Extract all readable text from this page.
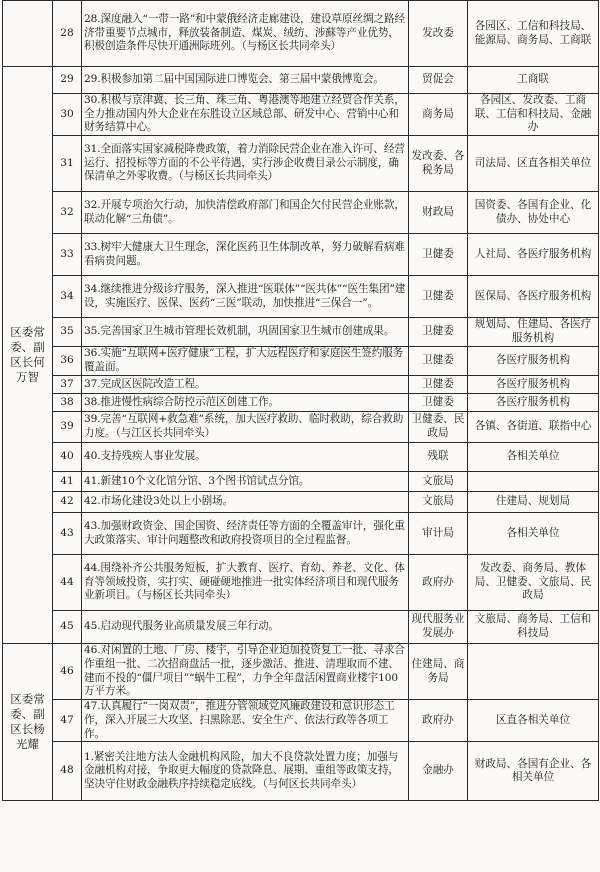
	28	28.深度融入“一带一路”和中蒙俄经济走廊建设，建设草原丝绸之路经济带重要节点城市，释放装备制造、煤炭、绒纺、涉蘇等产业优势，积极创造条件尽快开通洲际班列。（与杨区长共同牵头）	发改委	各园区、工信和科技局、能源局、商务局、工商联
区委常委、副区长何万智	29	29.积极参加第二届中国国际进口博览会、第三届中蒙俄博览会。	贸促会	工商联
	30	30.积极与京津冀、长三角、珠三角、粤港澳等地建立经贸合作关系，全力推动国内外大企业在东胜设立区域总部、研发中心、营销中心和财务结算中心。	商务局	各园区、发改委、工商联、工信和科技局、金融办
	31	31.全面落实国家减税降费政策，着力消除民营企业在准入许可、经营运行、招投标等方面的不公平待遇，实行涉企收费目录公示制度，确保清单之外零收费。（与杨区长共同牵头）	发改委、各税务局	司法局、区直各相关单位
	32	32.开展专项治欠行动，加快清偿政府部门和国企欠付民营企业账款，联动化解“三角债”。	财政局	国资委、各国有企业、化债办、协处中心
	33	33.树牢大健康大卫生理念，深化医药卫生体制改革，努力破解看病难看病贵问题。	卫健委	人社局、各医疗服务机构
	34	34.继续推进分级诊疗服务，深入推进“医联体”“医共体”“医生集团”建设，实施医疗、医保、医药“三医”联动，加快推进“三保合一”。	卫健委	医保局、各医疗服务机构
	35	35.完善国家卫生城市管理长效机制，巩固国家卫生城市创建成果。	卫健委	规划局、住建局、各医疗服务机构
	36	36.实施“互联网+医疗健康”工程，扩大远程医疗和家庭医生签约服务覆盖面。	卫健委	各医疗服务机构
	37	37.完成区医院改造工程。	卫健委	各医疗服务机构
	38	38.推进慢性病综合防控示范区创建工作。	卫健委	各医疗服务机构
	39	39.完善“互联网+救急难”系统，加大医疗救助、临时救助，综合救助力度。（与江区长共同牵头）	卫健委、民政局	各镇、各街道、联指中心
	40	40.支持残疾人事业发展。	残联	各相关单位
	41	41.新建10个文化馆分馆、3个图书馆试点分馆。	文旅局	
	42	42.市场化建设3处以上小剧场。	文旅局	住建局、规划局
	43	43.加强财政资金、国企国资、经济责任等方面的全覆盖审计，强化重大政策落实、审计问题整改和政府投资项目的全过程监督。	审计局	各相关单位
	44	44.围绕补齐公共服务短板，扩大教育、医疗、育幼、养老、文化、体育等领域投资，实打实、硬碰硬地推进一批实体经济项目和现代服务业新项目。（与杨区长共同牵头）	政府办	发改委、商务局、教体局、卫健委、文旅局、民政局
	45	45.启动现代服务业高质量发展三年行动。	现代服务业发展办	文旅局、商务局、工信和科技局
区委常委、副区长杨光耀	46	46.对闲置的土地、厂房、楼宇，引导企业迫加投资复工一批、寻求合作重组一批、二次招商盘活一批，逐步激活、推进、清理取而不建、建而不投的“僵尸项目”“蜗牛工程”，力争全年盘活闲置商业楼宇100万平方米。	住建局、商务局	
	47	47.认真履行“一岗双责”，推进分管领域党风廉政建设和意识形态工作，深入开展三大攻坚、扫黑除恶、安全生产、依法行政等各项工作。	政府办	区直各相关单位
	48	1.紧密关注地方法人金融机构风险，加大不良贷款处置力度；加强与金融机构对接，争取更大幅度的贷款降息、展期、重组等政策支持，坚决守住财政金融秩序持续稳定底线。（与何区长共同牵头）	金融办	财政局、各国有企业、各相关单位
